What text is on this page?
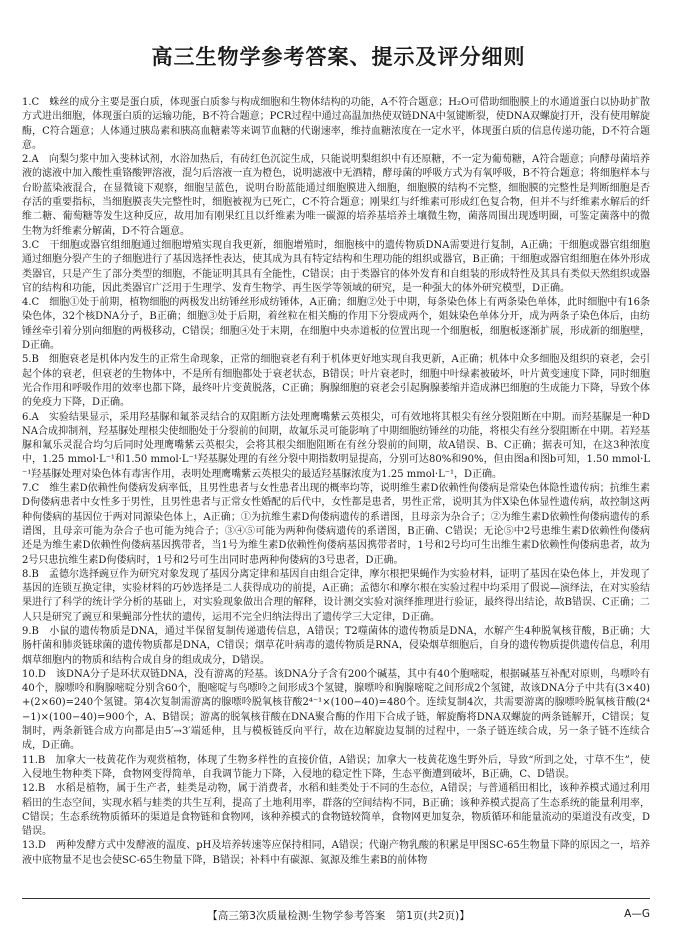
高三生物学参考答案、提示及评分细则

1.C　蛛丝的成分主要是蛋白质，体现蛋白质参与构成细胞和生物体结构的功能，A不符合题意；H₂O可借助细胞膜上的水通道蛋白以协助扩散方式进出细胞，体现蛋白质的运输功能，B不符合题意；PCR过程中通过高温加热使双链DNA中氢键断裂，使DNA双螺旋打开，没有使用解旋酶，C符合题意；人体通过胰岛素和胰高血糖素等来调节血糖的代谢速率，维持血糖浓度在一定水平，体现蛋白质的信息传递功能，D不符合题意。

2.A　向梨匀浆中加入斐林试剂，水浴加热后，有砖红色沉淀生成，只能说明梨组织中有还原糖，不一定为葡萄糖，A符合题意；向酵母菌培养液的滤液中加入酸性重铬酸钾溶液，混匀后溶液一直为橙色，说明滤液中无酒精，酵母菌的呼吸方式为有氧呼吸，B不符合题意；将细胞样本与台盼蓝染液混合，在显微镜下观察，细胞呈蓝色，说明台盼蓝能通过细胞膜进入细胞，细胞膜的结构不完整，细胞膜的完整性是判断细胞是否存活的重要指标，当细胞膜丧失完整性时，细胞被视为已死亡，C不符合题意；刚果红与纤维素可形成红色复合物，但并不与纤维素水解后的纤维二糖、葡萄糖等发生这种反应，故用加有刚果红且以纤维素为唯一碳源的培养基培养土壤微生物，菌落周围出现透明圈，可鉴定菌落中的微生物为纤维素分解菌，D不符合题意。

3.C　干细胞或器官组细胞通过细胞增殖实现自我更新，细胞增殖时，细胞核中的遗传物质DNA需要进行复制，A正确；干细胞或器官组细胞通过细胞分裂产生的子细胞进行了基因选择性表达，使其成为具有特定结构和生理功能的组织或器官，B正确；干细胞或器官组细胞在体外形成类器官，只是产生了部分类型的细胞，不能证明其具有全能性，C错误；由于类器官的体外发育和自组装的形成特性及其具有类似天然组织或器官的结构和功能，因此类器官广泛用于生理学、发育生物学、再生医学等领域的研究，是一种强大的体外研究模型，D正确。

4.C　细胞①处于前期，植物细胞的两极发出纺锤丝形成纺锤体，A正确；细胞②处于中期，每条染色体上有两条染色单体，此时细胞中有16条染色体，32个核DNA分子，B正确；细胞③处于后期，着丝粒在相关酶的作用下分裂成两个，姐妹染色单体分开，成为两条子染色体后，由纺锤丝牵引着分别向细胞的两极移动，C错误；细胞④处于末期，在细胞中央赤道板的位置出现一个细胞板，细胞板逐渐扩展，形成新的细胞壁，D正确。

5.B　细胞衰老是机体内发生的正常生命现象，正常的细胞衰老有利于机体更好地实现自我更新，A正确；机体中众多细胞及组织的衰老，会引起个体的衰老，但衰老的生物体中，不是所有细胞都处于衰老状态，B错误；叶片衰老时，细胞中叶绿素被破坏，叶片黄变速度下降，同时细胞光合作用和呼吸作用的效率也都下降，最终叶片变黄脱落，C正确；胸腺细胞的衰老会引起胸腺萎缩并造成淋巴细胞的生成能力下降，导致个体的免疫力下降，D正确。

6.A　实验结果显示，采用羟基脲和氟茶灵结合的双阻断方法处理鹰嘴紫云英根尖，可有效地将其根尖有丝分裂阻断在中期。而羟基脲是一种DNA合成抑制剂，羟基脲处理根尖使细胞处于分裂前的间期，故氟乐灵可能影响了中期细胞纺锤丝的功能，将根尖有丝分裂阻断在中期。若羟基脲和氟乐灵混合均匀后同时处理鹰嘴紫云英根尖，会将其根尖细胞阻断在有丝分裂前的间期，故A错误、B、C正确；据表可知，在这3种浓度中，1.25 mmol·L⁻¹和1.50 mmol·L⁻¹羟基脲处理的有丝分裂中期指数明显提高，分别可达80%和90%，但由图a和图b可知，1.50 mmol·L⁻¹羟基脲处理对染色体有毒害作用，表明处理鹰嘴紫云英根尖的最适羟基脲浓度为1.25 mmol·L⁻¹，D正确。

7.C　维生素D依赖性佝偻病发病率低，且男性患者与女性患者出现的概率均等，说明维生素D依赖性佝偻病是常染色体隐性遗传病；抗维生素D佝偻病患者中女性多于男性，且男性患者与正常女性婚配的后代中，女性都是患者，男性正常，说明其为伴X染色体显性遗传病，故控制这两种佝偻病的基因位于两对同源染色体上，A正确；①为抗维生素D佝偻病遗传的系谱图，且母亲为杂合子；②为维生素D依赖性佝偻病遗传的系谱图，且母亲可能为杂合子也可能为纯合子；③④⑤可能为两种佝偻病遗传的系谱图，B正确、C错误；无论⑤中2号患维生素D依赖性佝偻病还是为维生素D依赖性佝偻病基因携带者，当1号为维生素D依赖性佝偻病基因携带者时，1号和2号均可生出维生素D依赖性佝偻病患者，故为2号只患抗维生素D佝偻病时，1号和2号可生出同时患两种佝偻病的3号患者，D正确。

8.B　孟德尔选择豌豆作为研究对象发现了基因分离定律和基因自由组合定律，摩尔根把果蝇作为实验材料，证明了基因在染色体上，并发现了基因的连锁互换定律，实验材料的巧妙选择是二人获得成功的前提，A正确；孟德尔和摩尔根在实验过程中均采用了假说—演绎法，在对实验结果进行了科学的统计学分析的基础上，对实验现象做出合理的解释，设计测交实验对演绎推理进行验证，最终得出结论，故B错误、C正确；二人只是研究了豌豆和果蝇部分性状的遗传，运用不完全归纳法得出了遗传学三大定律，D正确。

9.B　小鼠的遗传物质是DNA，通过半保留复制传递遗传信息，A错误；T2噬菌体的遗传物质是DNA，水解产生4种脱氧核苷酸，B正确；大肠杆菌和肺炎链球菌的遗传物质都是DNA，C错误；烟草花叶病毒的遗传物质是RNA，侵染烟草细胞后，自身的遗传物质提供遗传信息，利用烟草细胞内的物质和结构合成自身的组成成分，D错误。

10.D　该DNA分子是环状双链DNA，没有游离的羟基。该DNA分子含有200个碱基，其中有40个胞嘧啶，根据碱基互补配对原则，鸟嘌呤有40个，腺嘌呤和胸腺嘧啶分别含60个，胞嘧啶与鸟嘌呤之间形成3个氢键，腺嘌呤和胸腺嘧啶之间形成2个氢键，故该DNA分子中共有(3×40)+(2×60)=240个氢键。第4次复制需游离的腺嘌呤脱氧核苷酸2⁴⁻¹×(100−40)=480个。连续复制4次，共需要游离的腺嘌呤脱氧核苷酸(2⁴−1)×(100−40)=900个，A、B错误；游离的脱氧核苷酸在DNA聚合酶的作用下合成子链，解旋酶将DNA双螺旋的两条链解开，C错误；复制时，两条新链合成方向都是由5′→3′端延伸，且与模板链反向平行，故在边解旋边复制的过程中，一条子链连续合成，另一条子链不连续合成，D正确。

11.B　加拿大一枝黄花作为观赏植物，体现了生物多样性的直接价值，A错误；加拿大一枝黄花逸生野外后，导致“所到之处，寸草不生”，使入侵地生物种类下降，食物网变得简单，自我调节能力下降，入侵地的稳定性下降，生态平衡遭到破坏，B正确，C、D错误。

12.B　水稻是植物，属于生产者，蛙类是动物，属于消费者，水稻和蛙类处于不同的生态位，A错误；与普通稻田相比，该种养模式通过利用稻田的生态空间，实现水稻与蛙类的共生互利，提高了土地利用率，群落的空间结构不同，B正确；该种养模式提高了生态系统的能量利用率，C错误；生态系统物质循环的渠道是食物链和食物网，该种养模式的食物链较简单，食物网更加复杂，物质循环和能量流动的渠道没有改变，D错误。

13.D　两种发酵方式中发酵液的温度、pH及培养转速等应保持相同，A错误；代谢产物乳酸的积累是甲图SC-65生物量下降的原因之一，培养液中底物量不足也会使SC-65生物量下降，B错误；补料中有碳源、氮源及维生素B的前体物

【高三第3次质量检测·生物学参考答案　第1页(共2页)】	A—G
